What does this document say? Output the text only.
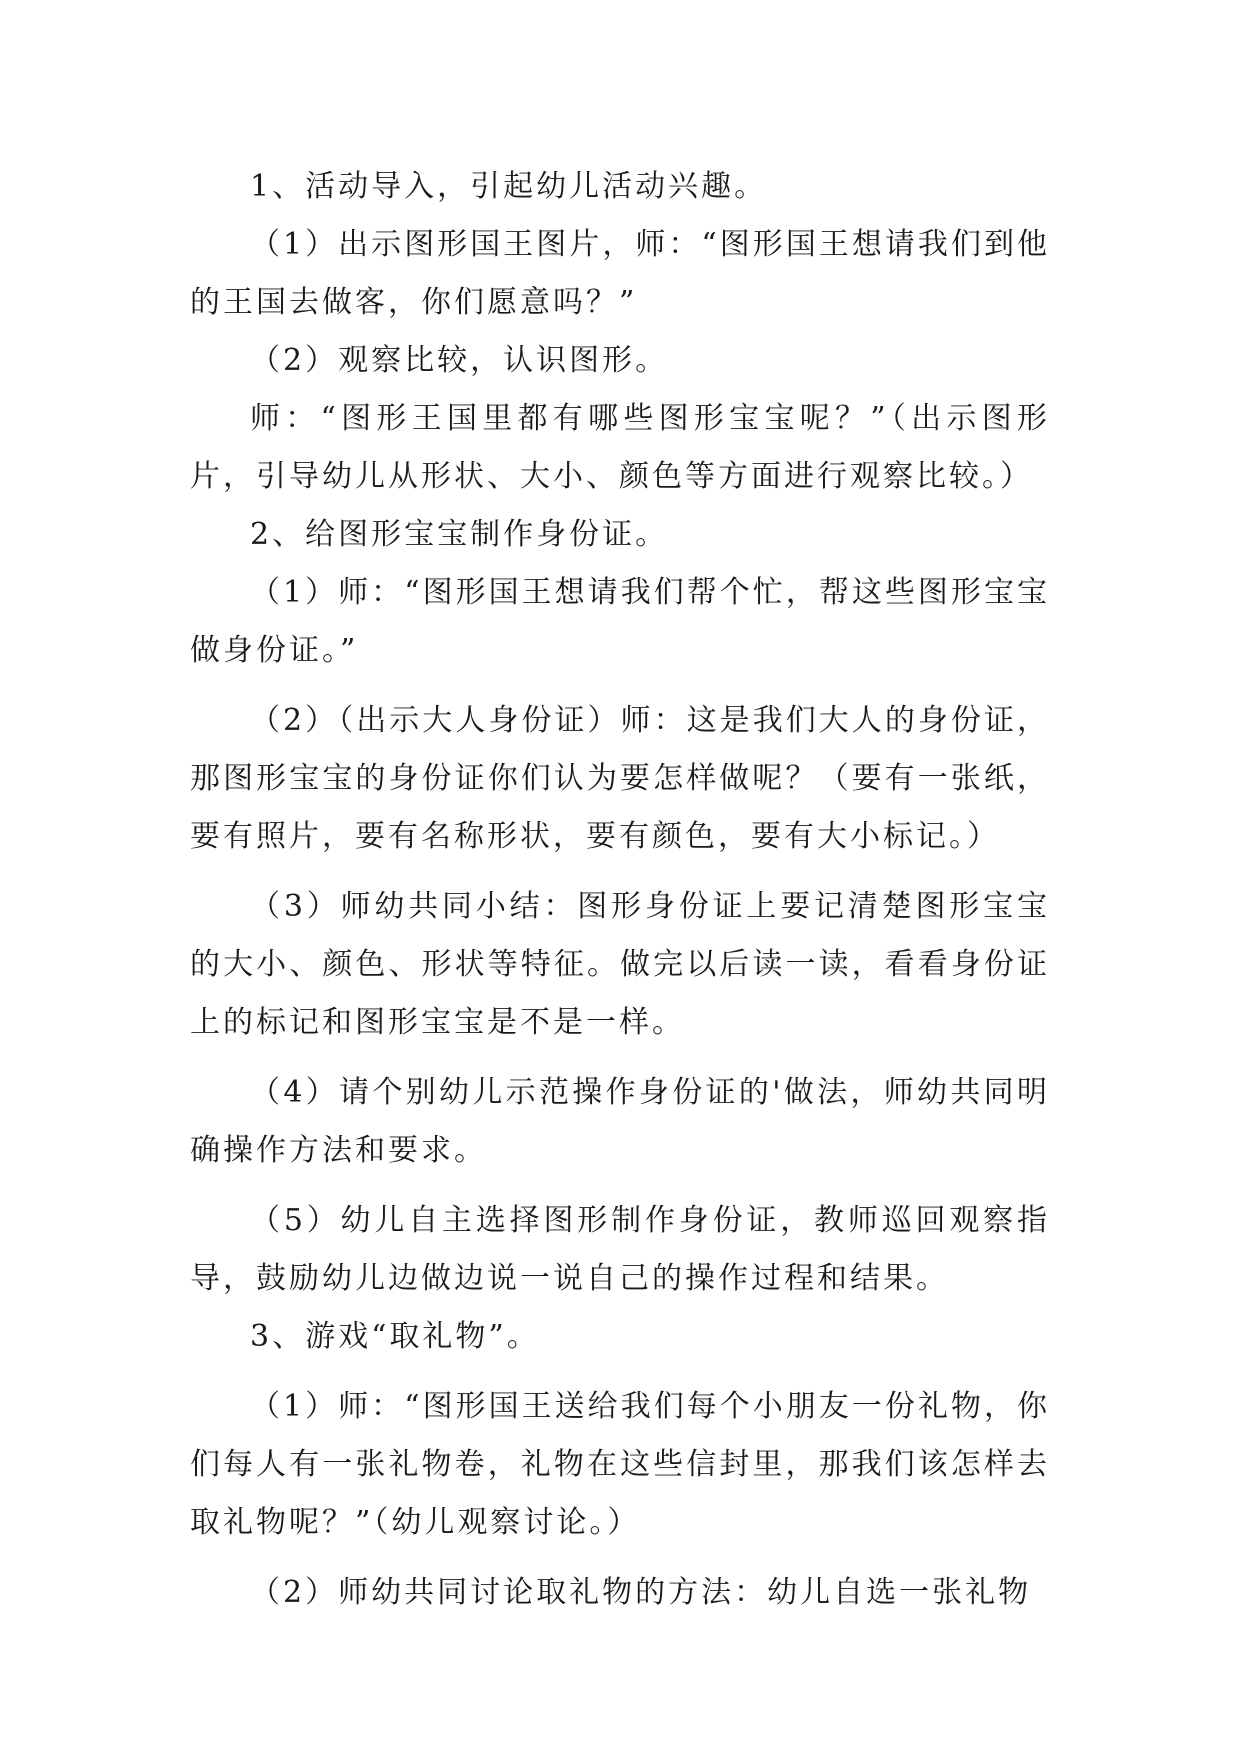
1、活动导入，引起幼儿活动兴趣。

（1）出示图形国王图片，师：“图形国王想请我们到他的王国去做客，你们愿意吗？”

（2）观察比较，认识图形。

师：“图形王国里都有哪些图形宝宝呢？”（出示图形片，引导幼儿从形状、大小、颜色等方面进行观察比较。）

2、给图形宝宝制作身份证。

（1）师：“图形国王想请我们帮个忙，帮这些图形宝宝做身份证。”

（2）（出示大人身份证）师：这是我们大人的身份证，那图形宝宝的身份证你们认为要怎样做呢？（要有一张纸，要有照片，要有名称形状，要有颜色，要有大小标记。）

（3）师幼共同小结：图形身份证上要记清楚图形宝宝的大小、颜色、形状等特征。做完以后读一读，看看身份证上的标记和图形宝宝是不是一样。

（4）请个别幼儿示范操作身份证的'做法，师幼共同明确操作方法和要求。

（5）幼儿自主选择图形制作身份证，教师巡回观察指导，鼓励幼儿边做边说一说自己的操作过程和结果。

3、游戏“取礼物”。

（1）师：“图形国王送给我们每个小朋友一份礼物，你们每人有一张礼物卷，礼物在这些信封里，那我们该怎样去取礼物呢？”（幼儿观察讨论。）

（2）师幼共同讨论取礼物的方法：幼儿自选一张礼物
